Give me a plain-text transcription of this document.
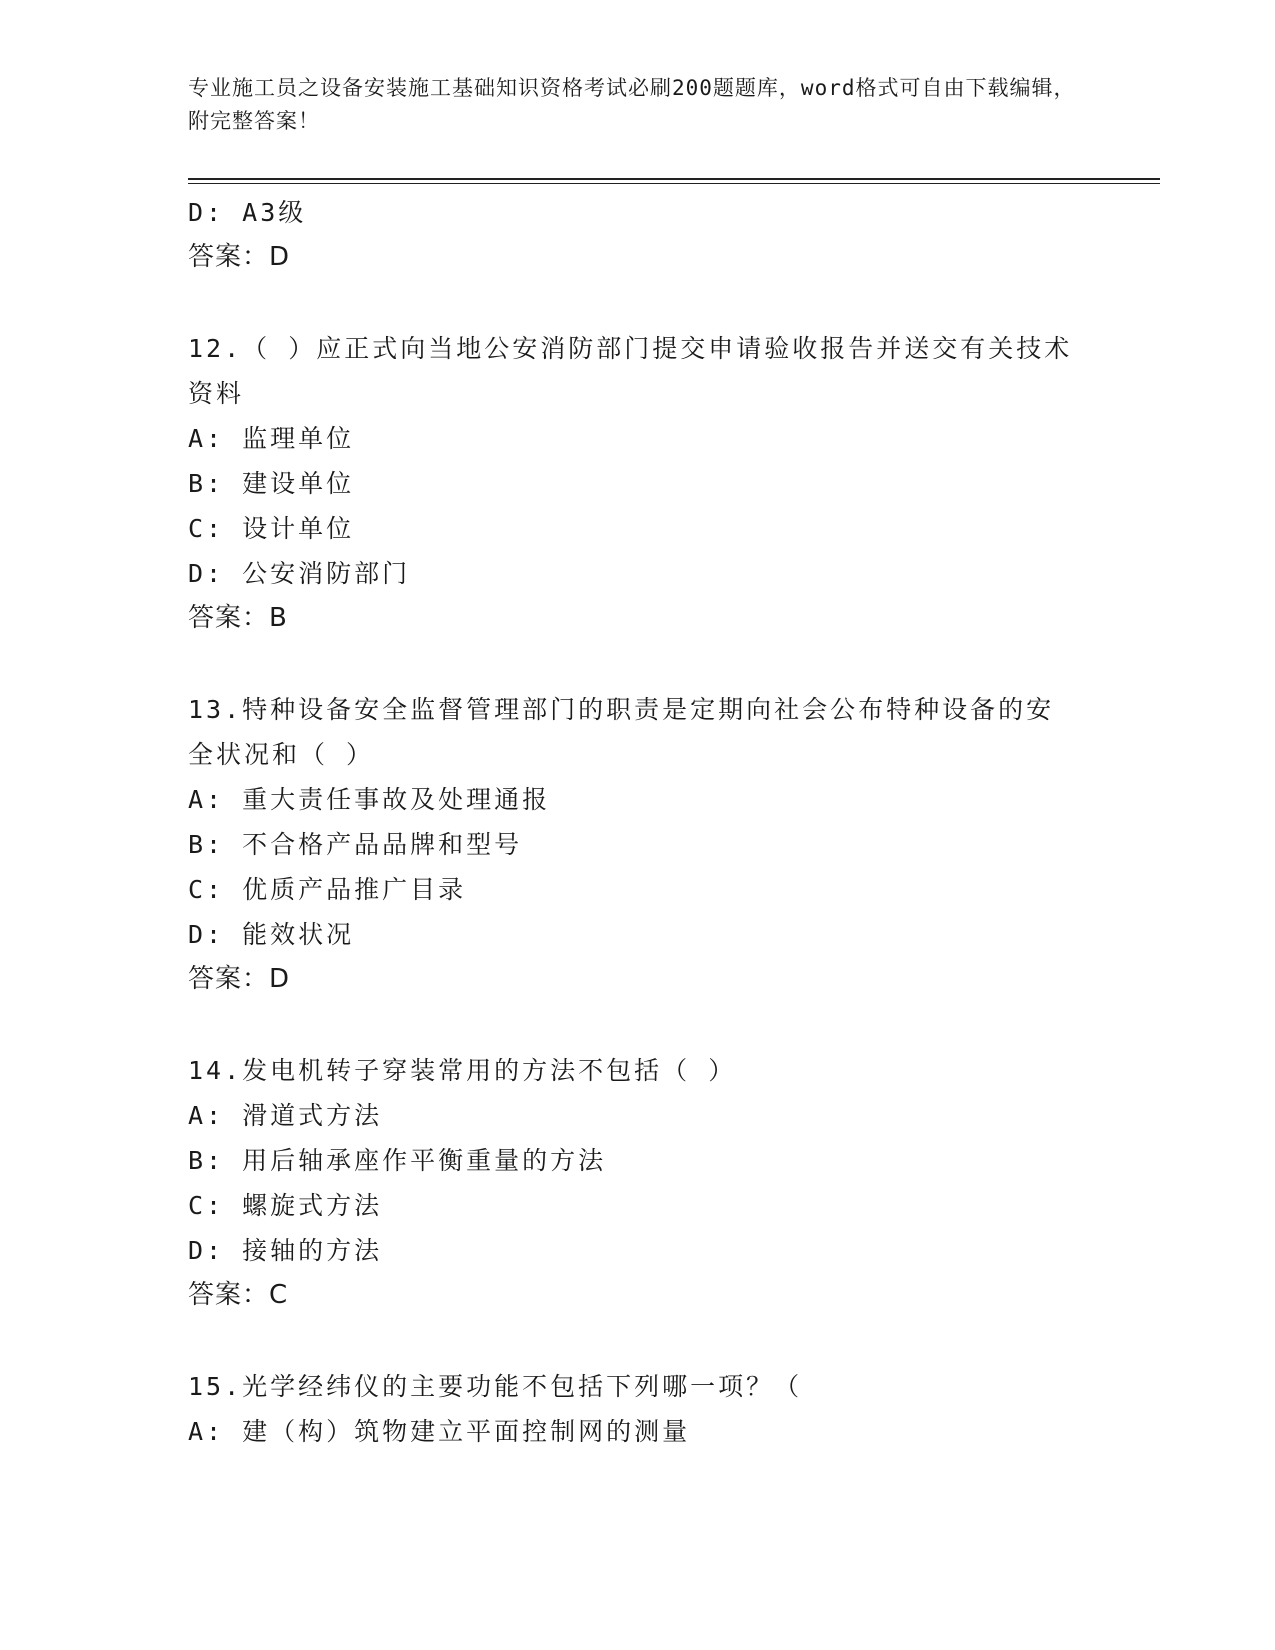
专业施工员之设备安装施工基础知识资格考试必刷200题题库，word格式可自由下载编辑，附完整答案！
D: A3级
答案：D
12.（ ）应正式向当地公安消防部门提交申请验收报告并送交有关技术资料
A: 监理单位
B: 建设单位
C: 设计单位
D: 公安消防部门
答案：B
13.特种设备安全监督管理部门的职责是定期向社会公布特种设备的安全状况和（ ）
A: 重大责任事故及处理通报
B: 不合格产品品牌和型号
C: 优质产品推广目录
D: 能效状况
答案：D
14.发电机转子穿装常用的方法不包括（ ）
A: 滑道式方法
B: 用后轴承座作平衡重量的方法
C: 螺旋式方法
D: 接轴的方法
答案：C
15.光学经纬仪的主要功能不包括下列哪一项？（
A: 建（构）筑物建立平面控制网的测量
